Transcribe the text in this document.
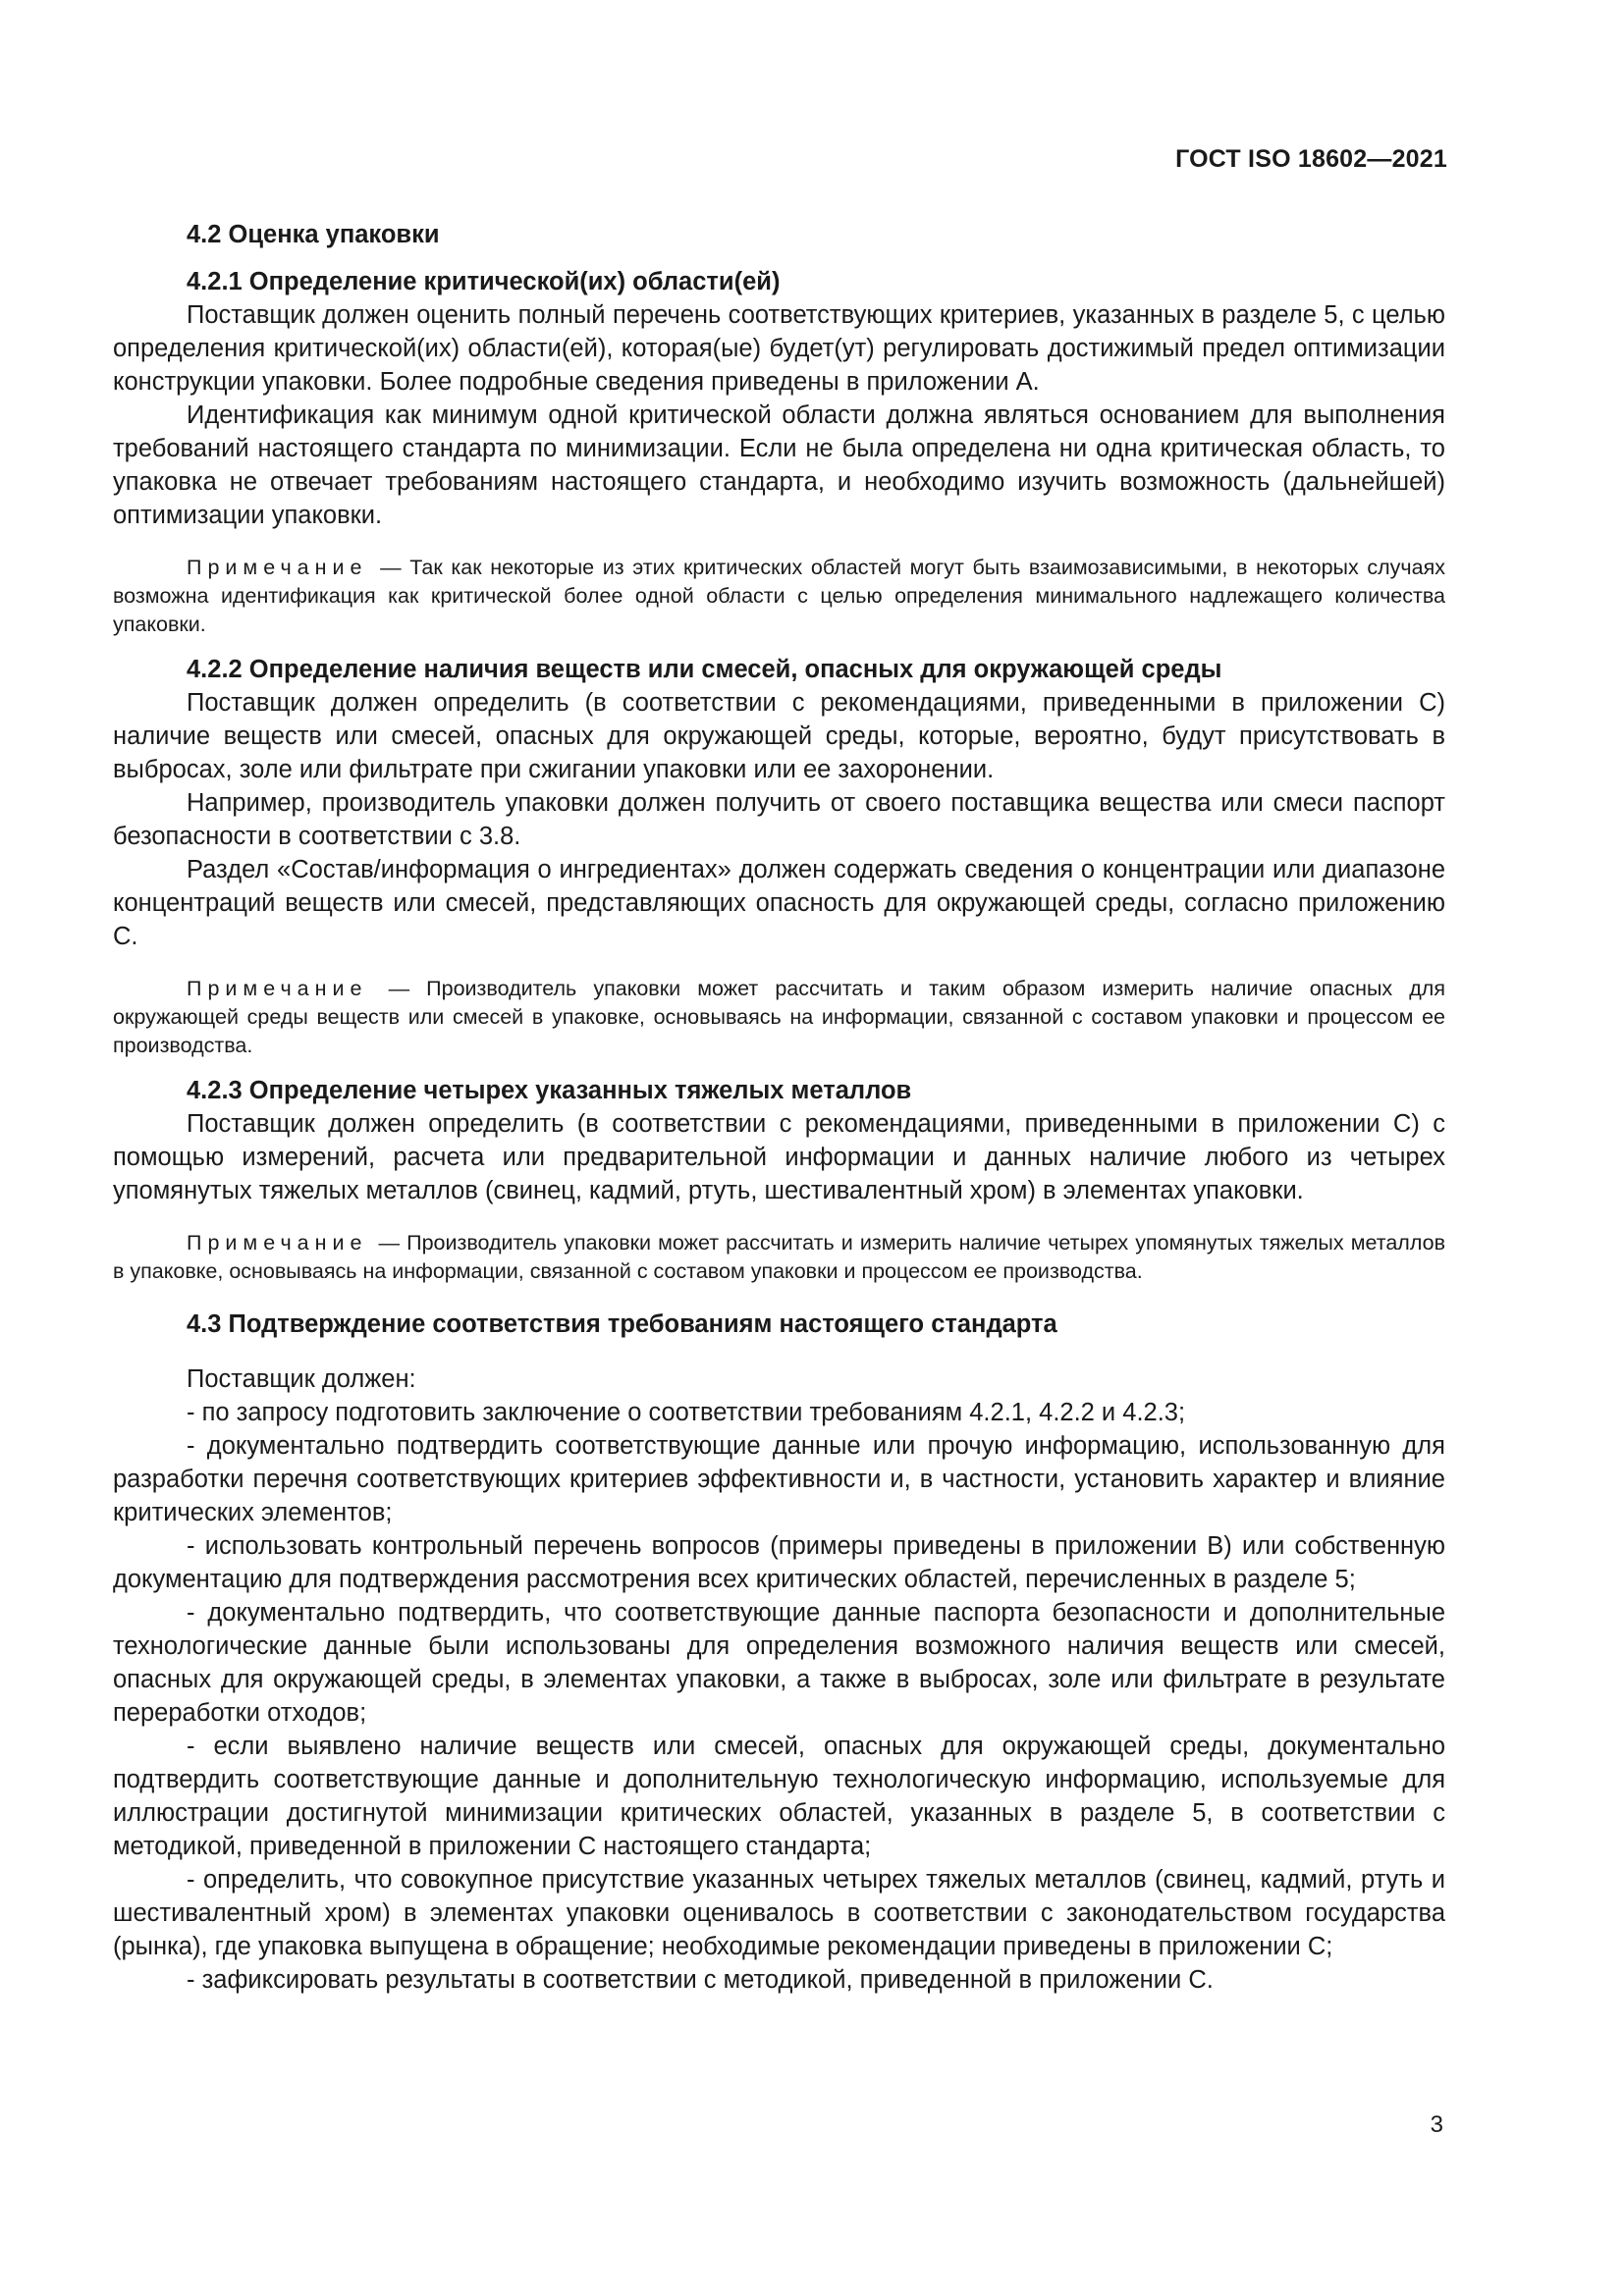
ГОСТ ISO 18602—2021
4.2 Оценка упаковки
4.2.1 Определение критической(их) области(ей)

Поставщик должен оценить полный перечень соответствующих критериев, указанных в разделе 5, с целью определения критической(их) области(ей), которая(ые) будет(ут) регулировать достижимый предел оптимизации конструкции упаковки. Более подробные сведения приведены в приложении А.

Идентификация как минимум одной критической области должна являться основанием для выполнения требований настоящего стандарта по минимизации. Если не была определена ни одна критическая область, то упаковка не отвечает требованиям настоящего стандарта, и необходимо изучить возможность (дальнейшей) оптимизации упаковки.

Примечание — Так как некоторые из этих критических областей могут быть взаимозависимыми, в некоторых случаях возможна идентификация как критической более одной области с целью определения минимального надлежащего количества упаковки.

4.2.2 Определение наличия веществ или смесей, опасных для окружающей среды

Поставщик должен определить (в соответствии с рекомендациями, приведенными в приложении С) наличие веществ или смесей, опасных для окружающей среды, которые, вероятно, будут присутствовать в выбросах, золе или фильтрате при сжигании упаковки или ее захоронении.

Например, производитель упаковки должен получить от своего поставщика вещества или смеси паспорт безопасности в соответствии с 3.8.

Раздел «Состав/информация о ингредиентах» должен содержать сведения о концентрации или диапазоне концентраций веществ или смесей, представляющих опасность для окружающей среды, согласно приложению С.

Примечание — Производитель упаковки может рассчитать и таким образом измерить наличие опасных для окружающей среды веществ или смесей в упаковке, основываясь на информации, связанной с составом упаковки и процессом ее производства.

4.2.3 Определение четырех указанных тяжелых металлов

Поставщик должен определить (в соответствии с рекомендациями, приведенными в приложении С) с помощью измерений, расчета или предварительной информации и данных наличие любого из четырех упомянутых тяжелых металлов (свинец, кадмий, ртуть, шестивалентный хром) в элементах упаковки.

Примечание — Производитель упаковки может рассчитать и измерить наличие четырех упомянутых тяжелых металлов в упаковке, основываясь на информации, связанной с составом упаковки и процессом ее производства.

4.3 Подтверждение соответствия требованиям настоящего стандарта

Поставщик должен:

- по запросу подготовить заключение о соответствии требованиям 4.2.1, 4.2.2 и 4.2.3;

- документально подтвердить соответствующие данные или прочую информацию, использованную для разработки перечня соответствующих критериев эффективности и, в частности, установить характер и влияние критических элементов;

- использовать контрольный перечень вопросов (примеры приведены в приложении В) или собственную документацию для подтверждения рассмотрения всех критических областей, перечисленных в разделе 5;

- документально подтвердить, что соответствующие данные паспорта безопасности и дополнительные технологические данные были использованы для определения возможного наличия веществ или смесей, опасных для окружающей среды, в элементах упаковки, а также в выбросах, золе или фильтрате в результате переработки отходов;

- если выявлено наличие веществ или смесей, опасных для окружающей среды, документально подтвердить соответствующие данные и дополнительную технологическую информацию, используемые для иллюстрации достигнутой минимизации критических областей, указанных в разделе 5, в соответствии с методикой, приведенной в приложении С настоящего стандарта;

- определить, что совокупное присутствие указанных четырех тяжелых металлов (свинец, кадмий, ртуть и шестивалентный хром) в элементах упаковки оценивалось в соответствии с законодательством государства (рынка), где упаковка выпущена в обращение; необходимые рекомендации приведены в приложении С;

- зафиксировать результаты в соответствии с методикой, приведенной в приложении С.

3
